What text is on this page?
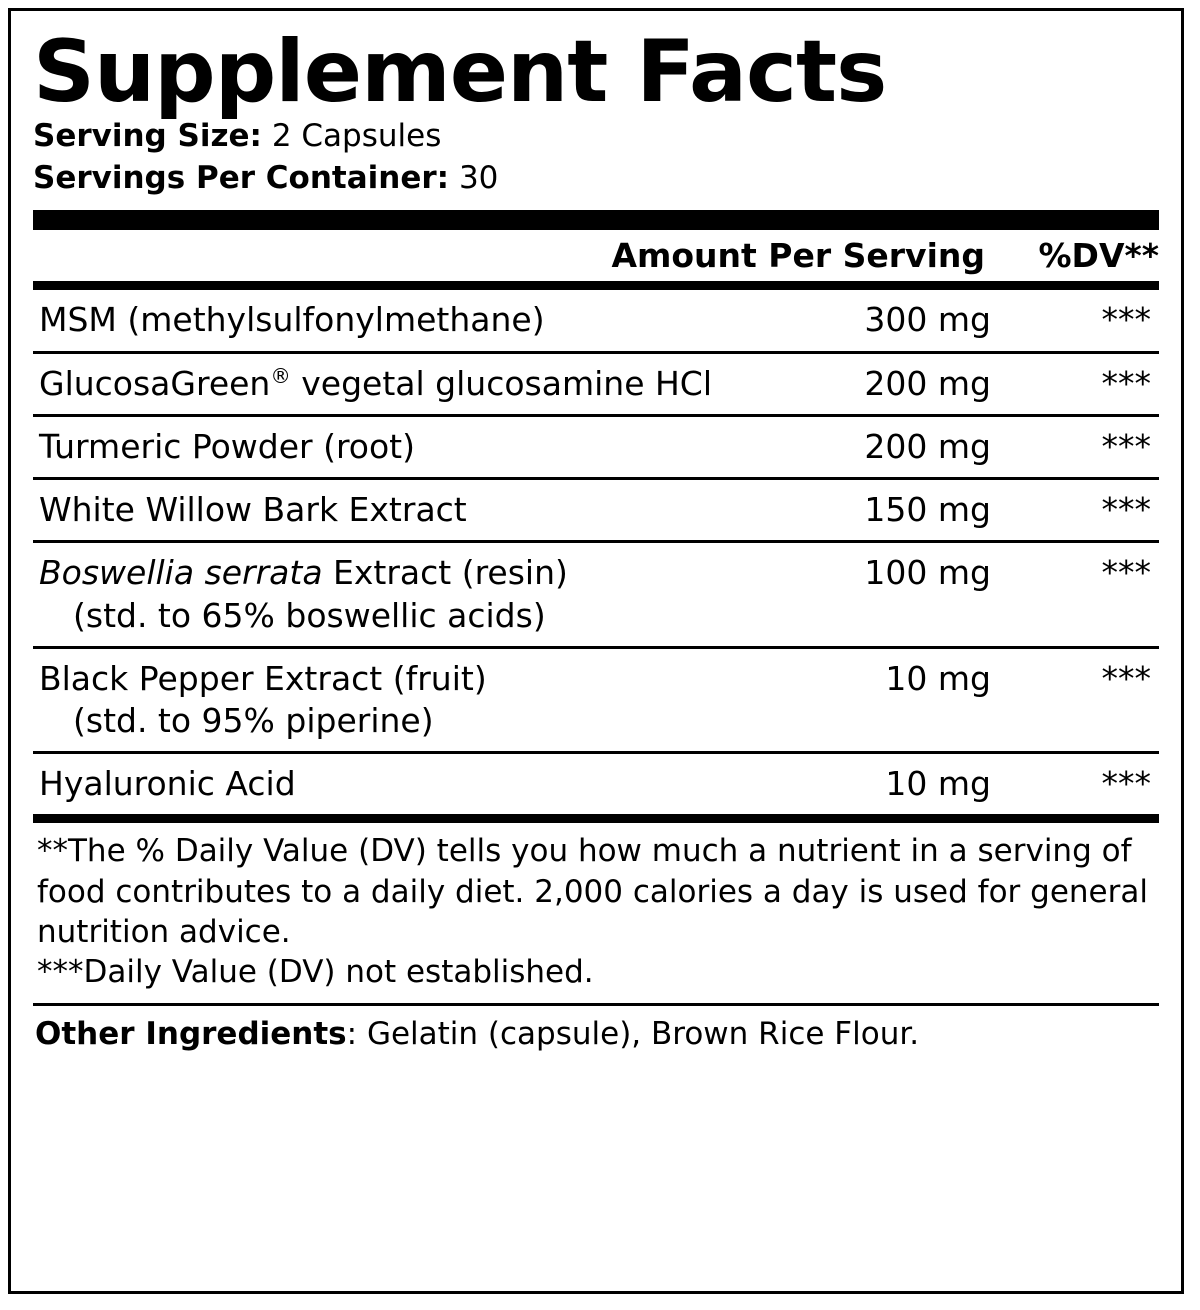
Supplement Facts
Serving Size: 2 Capsules
Servings Per Container: 30
Amount Per Serving	%DV**
MSM (methylsulfonylmethane)	300 mg	***
GlucosaGreen® vegetal glucosamine HCl	200 mg	***
Turmeric Powder (root)	200 mg	***
White Willow Bark Extract	150 mg	***
Boswellia serrata Extract (resin)
(std. to 65% boswellic acids)
100 mg	***
Black Pepper Extract (fruit)
(std. to 95% piperine)
10 mg	***
Hyaluronic Acid	10 mg	***

**The % Daily Value (DV) tells you how much a nutrient in a serving of food contributes to a daily diet. 2,000 calories a day is used for general nutrition advice.

***Daily Value (DV) not established.

Other Ingredients: Gelatin (capsule), Brown Rice Flour.
